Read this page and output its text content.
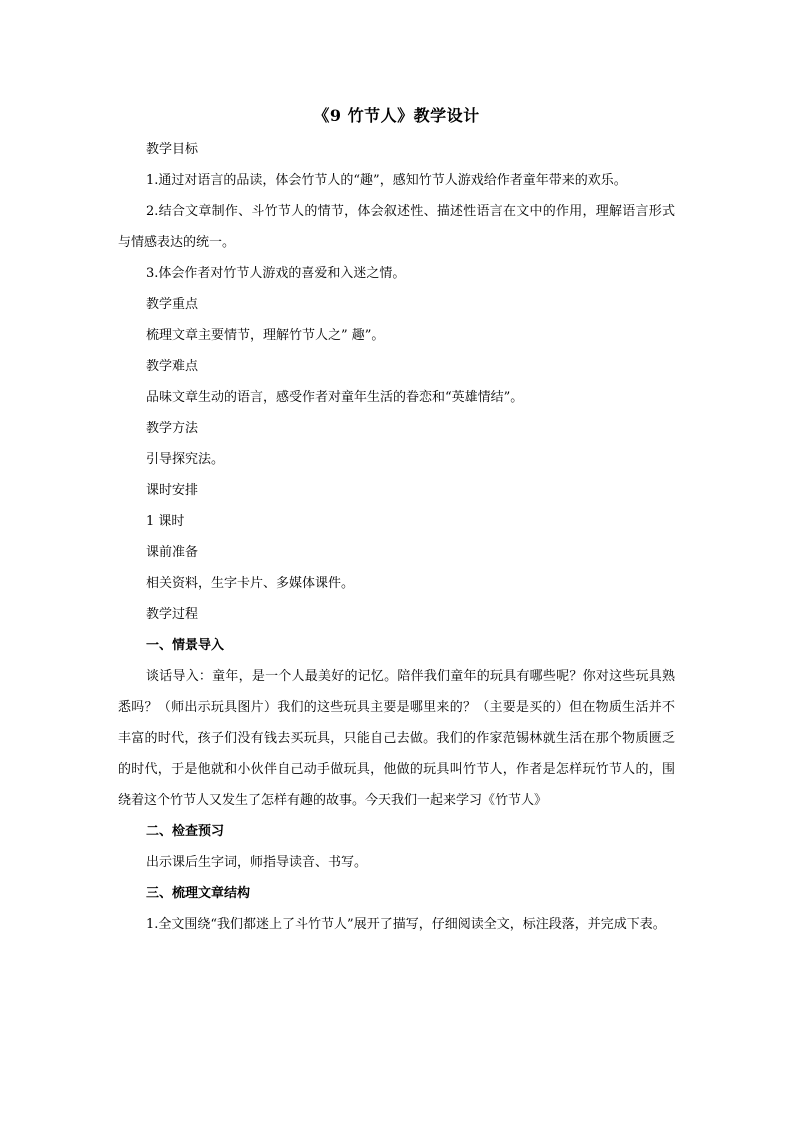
《9 竹节人》教学设计

教学目标

1.通过对语言的品读，体会竹节人的“趣”，感知竹节人游戏给作者童年带来的欢乐。

2.结合文章制作、斗竹节人的情节，体会叙述性、描述性语言在文中的作用，理解语言形式与情感表达的统一。

3.体会作者对竹节人游戏的喜爱和入迷之情。

教学重点

梳理文章主要情节，理解竹节人之” 趣”。

教学难点

品味文章生动的语言，感受作者对童年生活的眷恋和“英雄情结”。

教学方法

引导探究法。

课时安排

1 课时

课前准备

相关资料，生字卡片、多媒体课件。

教学过程

一、情景导入

谈话导入：童年，是一个人最美好的记忆。陪伴我们童年的玩具有哪些呢？你对这些玩具熟悉吗？（师出示玩具图片）我们的这些玩具主要是哪里来的？（主要是买的）但在物质生活并不丰富的时代，孩子们没有钱去买玩具，只能自己去做。我们的作家范锡林就生活在那个物质匮乏的时代，于是他就和小伙伴自己动手做玩具，他做的玩具叫竹节人，作者是怎样玩竹节人的，围绕着这个竹节人又发生了怎样有趣的故事。今天我们一起来学习《竹节人》

二、检查预习

出示课后生字词，师指导读音、书写。

三、梳理文章结构

1.全文围绕“我们都迷上了斗竹节人”展开了描写，仔细阅读全文，标注段落，并完成下表。
